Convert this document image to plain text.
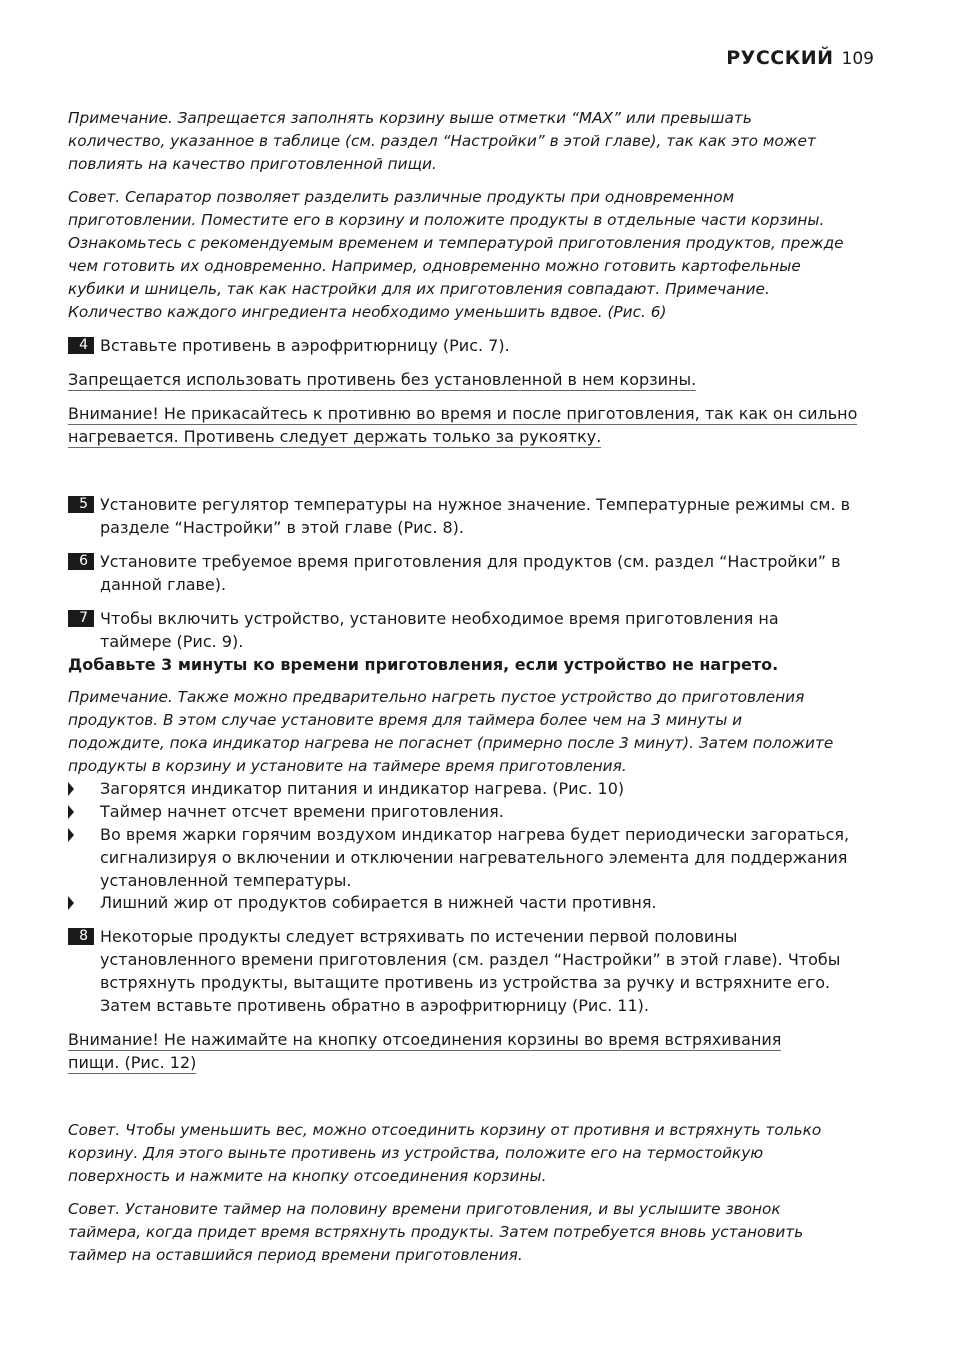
РУССКИЙ 109
Примечание. Запрещается заполнять корзину выше отметки “MAX” или превышать
количество, указанное в таблице (см. раздел “Настройки” в этой главе), так как это может
повлиять на качество приготовленной пищи.
Совет. Сепаратор позволяет разделить различные продукты при одновременном
приготовлении. Поместите его в корзину и положите продукты в отдельные части корзины.
Ознакомьтесь с рекомендуемым временем и температурой приготовления продуктов, прежде
чем готовить их одновременно. Например, одновременно можно готовить картофельные
кубики и шницель, так как настройки для их приготовления совпадают. Примечание.
Количество каждого ингредиента необходимо уменьшить вдвое. (Рис. 6)
4 Вставьте противень в аэрофритюрницу (Рис. 7).
Запрещается использовать противень без установленной в нем корзины.
Внимание! Не прикасайтесь к противню во время и после приготовления, так как он сильно
нагревается. Противень следует держать только за рукоятку.
5 Установите регулятор температуры на нужное значение. Температурные режимы см. в
разделе “Настройки” в этой главе (Рис. 8).
6 Установите требуемое время приготовления для продуктов (см. раздел “Настройки” в
данной главе).
7 Чтобы включить устройство, установите необходимое время приготовления на
таймере (Рис. 9).
Добавьте 3 минуты ко времени приготовления, если устройство не нагрето.
Примечание. Также можно предварительно нагреть пустое устройство до приготовления
продуктов. В этом случае установите время для таймера более чем на 3 минуты и
подождите, пока индикатор нагрева не погаснет (примерно после 3 минут). Затем положите
продукты в корзину и установите на таймере время приготовления.
Загорятся индикатор питания и индикатор нагрева. (Рис. 10)
Таймер начнет отсчет времени приготовления.
Во время жарки горячим воздухом индикатор нагрева будет периодически загораться,
сигнализируя о включении и отключении нагревательного элемента для поддержания
установленной температуры.
Лишний жир от продуктов собирается в нижней части противня.
8 Некоторые продукты следует встряхивать по истечении первой половины
установленного времени приготовления (см. раздел “Настройки” в этой главе). Чтобы
встряхнуть продукты, вытащите противень из устройства за ручку и встряхните его.
Затем вставьте противень обратно в аэрофритюрницу (Рис. 11).
Внимание! Не нажимайте на кнопку отсоединения корзины во время встряхивания
пищи. (Рис. 12)
Совет. Чтобы уменьшить вес, можно отсоединить корзину от противня и встряхнуть только
корзину. Для этого выньте противень из устройства, положите его на термостойкую
поверхность и нажмите на кнопку отсоединения корзины.
Совет. Установите таймер на половину времени приготовления, и вы услышите звонок
таймера, когда придет время встряхнуть продукты. Затем потребуется вновь установить
таймер на оставшийся период времени приготовления.
